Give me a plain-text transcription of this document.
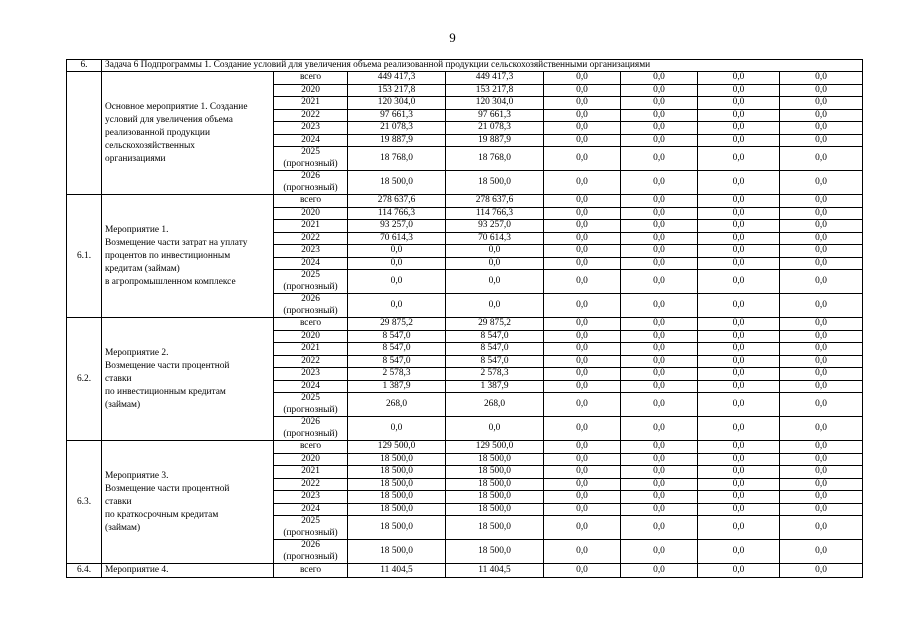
9
6.	Задача 6 Подпрограммы 1. Создание условий для увеличения объема реализованной продукции сельскохозяйственными организациями							

	Основное мероприятие 1. Создание
условий для увеличения объема
реализованной продукции
сельскохозяйственных
организациями	всего	449 417,3	449 417,3	0,0	0,0	0,0	0,0

		2020	153 217,8	153 217,8	0,0	0,0	0,0	0,0

		2021	120 304,0	120 304,0	0,0	0,0	0,0	0,0

		2022	97 661,3	97 661,3	0,0	0,0	0,0	0,0

		2023	21 078,3	21 078,3	0,0	0,0	0,0	0,0

		2024	19 887,9	19 887,9	0,0	0,0	0,0	0,0

		2025
(прогнозный)	18 768,0	18 768,0	0,0	0,0	0,0	0,0

		2026
(прогнозный)	18 500,0	18 500,0	0,0	0,0	0,0	0,0
6.1.	Мероприятие 1.
Возмещение части затрат на уплату
процентов по инвестиционным
кредитам (займам)
в агропромышленном комплексе	всего	278 637,6	278 637,6	0,0	0,0	0,0	0,0

		2020	114 766,3	114 766,3	0,0	0,0	0,0	0,0

		2021	93 257,0	93 257,0	0,0	0,0	0,0	0,0

		2022	70 614,3	70 614,3	0,0	0,0	0,0	0,0

		2023	0,0	0,0	0,0	0,0	0,0	0,0

		2024	0,0	0,0	0,0	0,0	0,0	0,0

		2025
(прогнозный)	0,0	0,0	0,0	0,0	0,0	0,0

		2026
(прогнозный)	0,0	0,0	0,0	0,0	0,0	0,0
6.2.	Мероприятие 2.
Возмещение части процентной
ставки
по инвестиционным кредитам
(займам)	всего	29 875,2	29 875,2	0,0	0,0	0,0	0,0

		2020	8 547,0	8 547,0	0,0	0,0	0,0	0,0

		2021	8 547,0	8 547,0	0,0	0,0	0,0	0,0

		2022	8 547,0	8 547,0	0,0	0,0	0,0	0,0

		2023	2 578,3	2 578,3	0,0	0,0	0,0	0,0

		2024	1 387,9	1 387,9	0,0	0,0	0,0	0,0

		2025
(прогнозный)	268,0	268,0	0,0	0,0	0,0	0,0

		2026
(прогнозный)	0,0	0,0	0,0	0,0	0,0	0,0
6.3.	Мероприятие 3.
Возмещение части процентной
ставки
по краткосрочным кредитам
(займам)	всего	129 500,0	129 500,0	0,0	0,0	0,0	0,0

		2020	18 500,0	18 500,0	0,0	0,0	0,0	0,0

		2021	18 500,0	18 500,0	0,0	0,0	0,0	0,0

		2022	18 500,0	18 500,0	0,0	0,0	0,0	0,0

		2023	18 500,0	18 500,0	0,0	0,0	0,0	0,0

		2024	18 500,0	18 500,0	0,0	0,0	0,0	0,0

		2025
(прогнозный)	18 500,0	18 500,0	0,0	0,0	0,0	0,0

		2026
(прогнозный)	18 500,0	18 500,0	0,0	0,0	0,0	0,0
6.4.	Мероприятие 4.	всего	11 404,5	11 404,5	0,0	0,0	0,0	0,0
